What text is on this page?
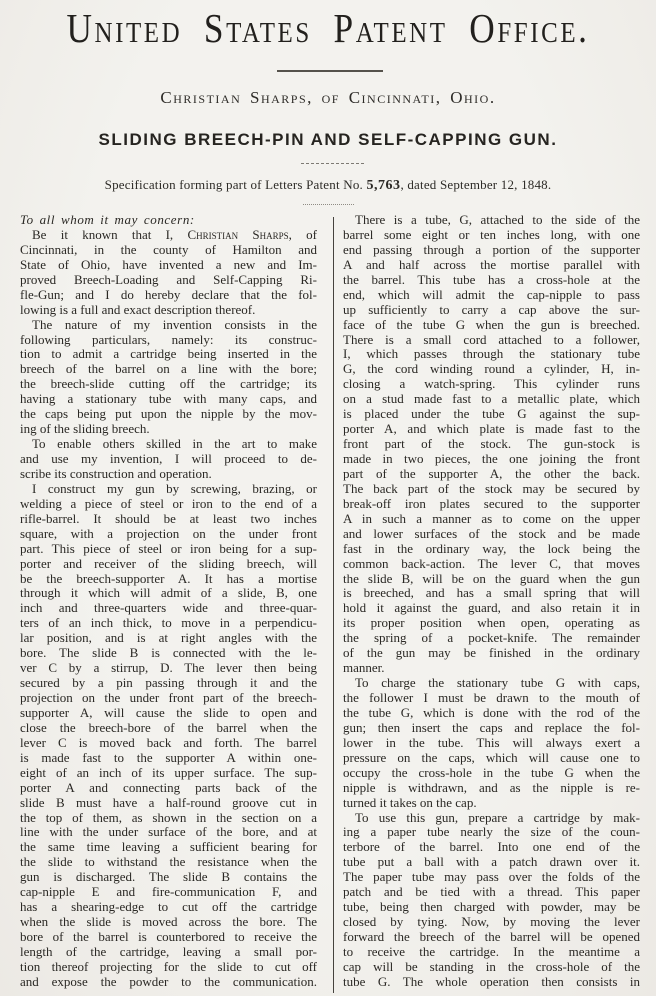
United States Patent Office.
Christian Sharps, of Cincinnati, Ohio.
SLIDING BREECH-PIN AND SELF-CAPPING GUN.
Specification forming part of Letters Patent No. 5,763, dated September 12, 1848.
To all whom it may concern:
Be it known that I, Christian Sharps, of
Cincinnati, in the county of Hamilton and
State of Ohio, have invented a new and Im-
proved Breech-Loading and Self-Capping Ri-
fle-Gun; and I do hereby declare that the fol-
lowing is a full and exact description thereof.
The nature of my invention consists in the
following particulars, namely: its construc-
tion to admit a cartridge being inserted in the
breech of the barrel on a line with the bore;
the breech-slide cutting off the cartridge; its
having a stationary tube with many caps, and
the caps being put upon the nipple by the mov-
ing of the sliding breech.
To enable others skilled in the art to make
and use my invention, I will proceed to de-
scribe its construction and operation.
I construct my gun by screwing, brazing, or
welding a piece of steel or iron to the end of a
rifle-barrel. It should be at least two inches
square, with a projection on the under front
part. This piece of steel or iron being for a sup-
porter and receiver of the sliding breech, will
be the breech-supporter A. It has a mortise
through it which will admit of a slide, B, one
inch and three-quarters wide and three-quar-
ters of an inch thick, to move in a perpendicu-
lar position, and is at right angles with the
bore. The slide B is connected with the le-
ver C by a stirrup, D. The lever then being
secured by a pin passing through it and the
projection on the under front part of the breech-
supporter A, will cause the slide to open and
close the breech-bore of the barrel when the
lever C is moved back and forth. The barrel
is made fast to the supporter A within one-
eight of an inch of its upper surface. The sup-
porter A and connecting parts back of the
slide B must have a half-round groove cut in
the top of them, as shown in the section on a
line with the under surface of the bore, and at
the same time leaving a sufficient bearing for
the slide to withstand the resistance when the
gun is discharged. The slide B contains the
cap-nipple E and fire-communication F, and
has a shearing-edge to cut off the cartridge
when the slide is moved across the bore. The
bore of the barrel is counterbored to receive the
length of the cartridge, leaving a small por-
tion thereof projecting for the slide to cut off
and expose the powder to the communication.
There is a tube, G, attached to the side of the
barrel some eight or ten inches long, with one
end passing through a portion of the supporter
A and half across the mortise parallel with
the barrel. This tube has a cross-hole at the
end, which will admit the cap-nipple to pass
up sufficiently to carry a cap above the sur-
face of the tube G when the gun is breeched.
There is a small cord attached to a follower,
I, which passes through the stationary tube
G, the cord winding round a cylinder, H, in-
closing a watch-spring. This cylinder runs
on a stud made fast to a metallic plate, which
is placed under the tube G against the sup-
porter A, and which plate is made fast to the
front part of the stock. The gun-stock is
made in two pieces, the one joining the front
part of the supporter A, the other the back.
The back part of the stock may be secured by
break-off iron plates secured to the supporter
A in such a manner as to come on the upper
and lower surfaces of the stock and be made
fast in the ordinary way, the lock being the
common back-action. The lever C, that moves
the slide B, will be on the guard when the gun
is breeched, and has a small spring that will
hold it against the guard, and also retain it in
its proper position when open, operating as
the spring of a pocket-knife. The remainder
of the gun may be finished in the ordinary
manner.
To charge the stationary tube G with caps,
the follower I must be drawn to the mouth of
the tube G, which is done with the rod of the
gun; then insert the caps and replace the fol-
lower in the tube. This will always exert a
pressure on the caps, which will cause one to
occupy the cross-hole in the tube G when the
nipple is withdrawn, and as the nipple is re-
turned it takes on the cap.
To use this gun, prepare a cartridge by mak-
ing a paper tube nearly the size of the coun-
terbore of the barrel. Into one end of the
tube put a ball with a patch drawn over it.
The paper tube may pass over the folds of the
patch and be tied with a thread. This paper
tube, being then charged with powder, may be
closed by tying. Now, by moving the lever
forward the breech of the barrel will be opened
to receive the cartridge. In the meantime a
cap will be standing in the cross-hole of the
tube G. The whole operation then consists in
